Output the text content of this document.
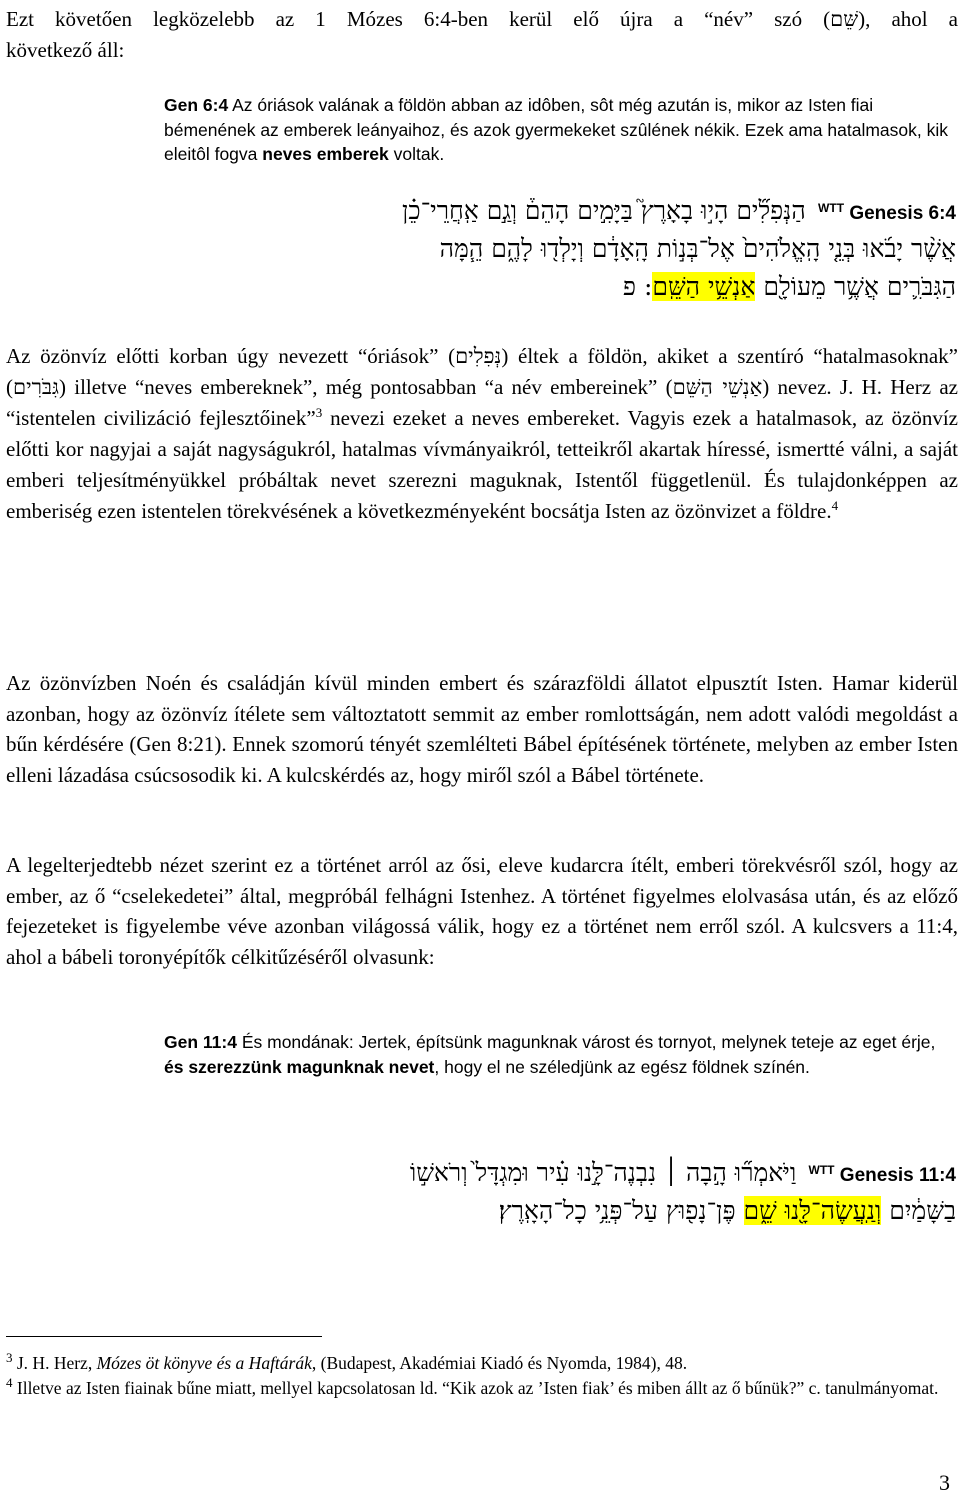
Ezt követően legközelebb az 1 Mózes 6:4-ben kerül elő újra a “név” szó (שֵּׁם), ahol a
következő áll:
Gen 6:4 Az óriások valának a földön abban az idôben, sôt még azután is, mikor az Isten fiai bémenének az emberek leányaihoz, és azok gyermekeket szûlének nékik. Ezek ama hatalmasok, kik eleitôl fogva neves emberek voltak.
$^{WTT}$ Genesis 6:4 הַנְּפִלִ֞ים הָי֣וּ בָאָרֶץ֮ בַּיָּמִ֣ים הָהֵם֒ וְגַ֣ם אַֽחֲרֵי־כֵ֗ן
אֲשֶׁ֨ר יָבֹ֜אוּ בְּנֵ֤י הָֽאֱלֹהִים֙ אֶל־בְּנ֣וֹת הָֽאָדָ֔ם וְיָלְד֖וּ לָהֶ֑ם הֵ֧מָּה
הַגִּבֹּרִ֛ים אֲשֶׁ֥ר מֵעוֹלָ֖ם אַנְשֵׁ֥י הַשֵּֽׁם: פ
Az özönvíz előtti korban úgy nevezett “óriások” (נְּפִלִים) éltek a földön, akiket a szentíró “hatalmasoknak” (גִּבֹּרִים) illetve “neves embereknek”, még pontosabban “a név embereinek” (אַנְשֵׁי הַשֵּׁם) nevez. J. H. Herz az “istentelen civilizáció fejlesztőinek”$^3$ nevezi ezeket a neves embereket. Vagyis ezek a hatalmasok, az özönvíz előtti kor nagyjai a saját nagyságukról, hatalmas vívmányaikról, tetteikről akartak híressé, ismertté válni, a saját emberi teljesítményükkel próbáltak nevet szerezni maguknak, Istentől függetlenül. És tulajdonképpen az emberiség ezen istentelen törekvésének a következményeként bocsátja Isten az özönvizet a földre.$^4$
Az özönvízben Noén és családján kívül minden embert és szárazföldi állatot elpusztít Isten. Hamar kiderül azonban, hogy az özönvíz ítélete sem változtatott semmit az ember romlottságán, nem adott valódi megoldást a bűn kérdésére (Gen 8:21). Ennek szomorú tényét szemlélteti Bábel építésének története, melyben az ember Isten elleni lázadása csúcsosodik ki. A kulcskérdés az, hogy miről szól a Bábel története.
A legelterjedtebb nézet szerint ez a történet arról az ősi, eleve kudarcra ítélt, emberi törekvésről szól, hogy az ember, az ő “cselekedetei” által, megpróbál felhágni Istenhez. A történet figyelmes elolvasása után, és az előző fejezeteket is figyelembe véve azonban világossá válik, hogy ez a történet nem erről szól. A kulcsvers a 11:4, ahol a bábeli toronyépítők célkitűzéséről olvasunk:
Gen 11:4 És mondának: Jertek, építsünk magunknak várost és tornyot, melynek teteje az eget érje, és szerezzünk magunknak nevet, hogy el ne széledjünk az egész földnek színén.
$^{WTT}$ Genesis 11:4 וַיֹּאמְר֞וּ הָ֣בָה ׀ נִבְנֶה־לָּ֣נוּ עִ֗יר וּמִגְדָּל֙ וְרֹאשׁ֣וֹ
בַשָּׁמַ֔יִם וְנַֽעֲשֶׂה־לָּ֖נוּ שֵׁ֑ם פֶּן־נָפ֖וּץ עַל־פְּנֵ֥י כָל־הָאָֽרֶץ׃
$^3$ J. H. Herz, Mózes öt könyve és a Haftárák, (Budapest, Akadémiai Kiadó és Nyomda, 1984), 48.
$^4$ Illetve az Isten fiainak bűne miatt, mellyel kapcsolatosan ld. “Kik azok az ’Isten fiak’ és miben állt az ő bűnük?” c. tanulmányomat.
3
